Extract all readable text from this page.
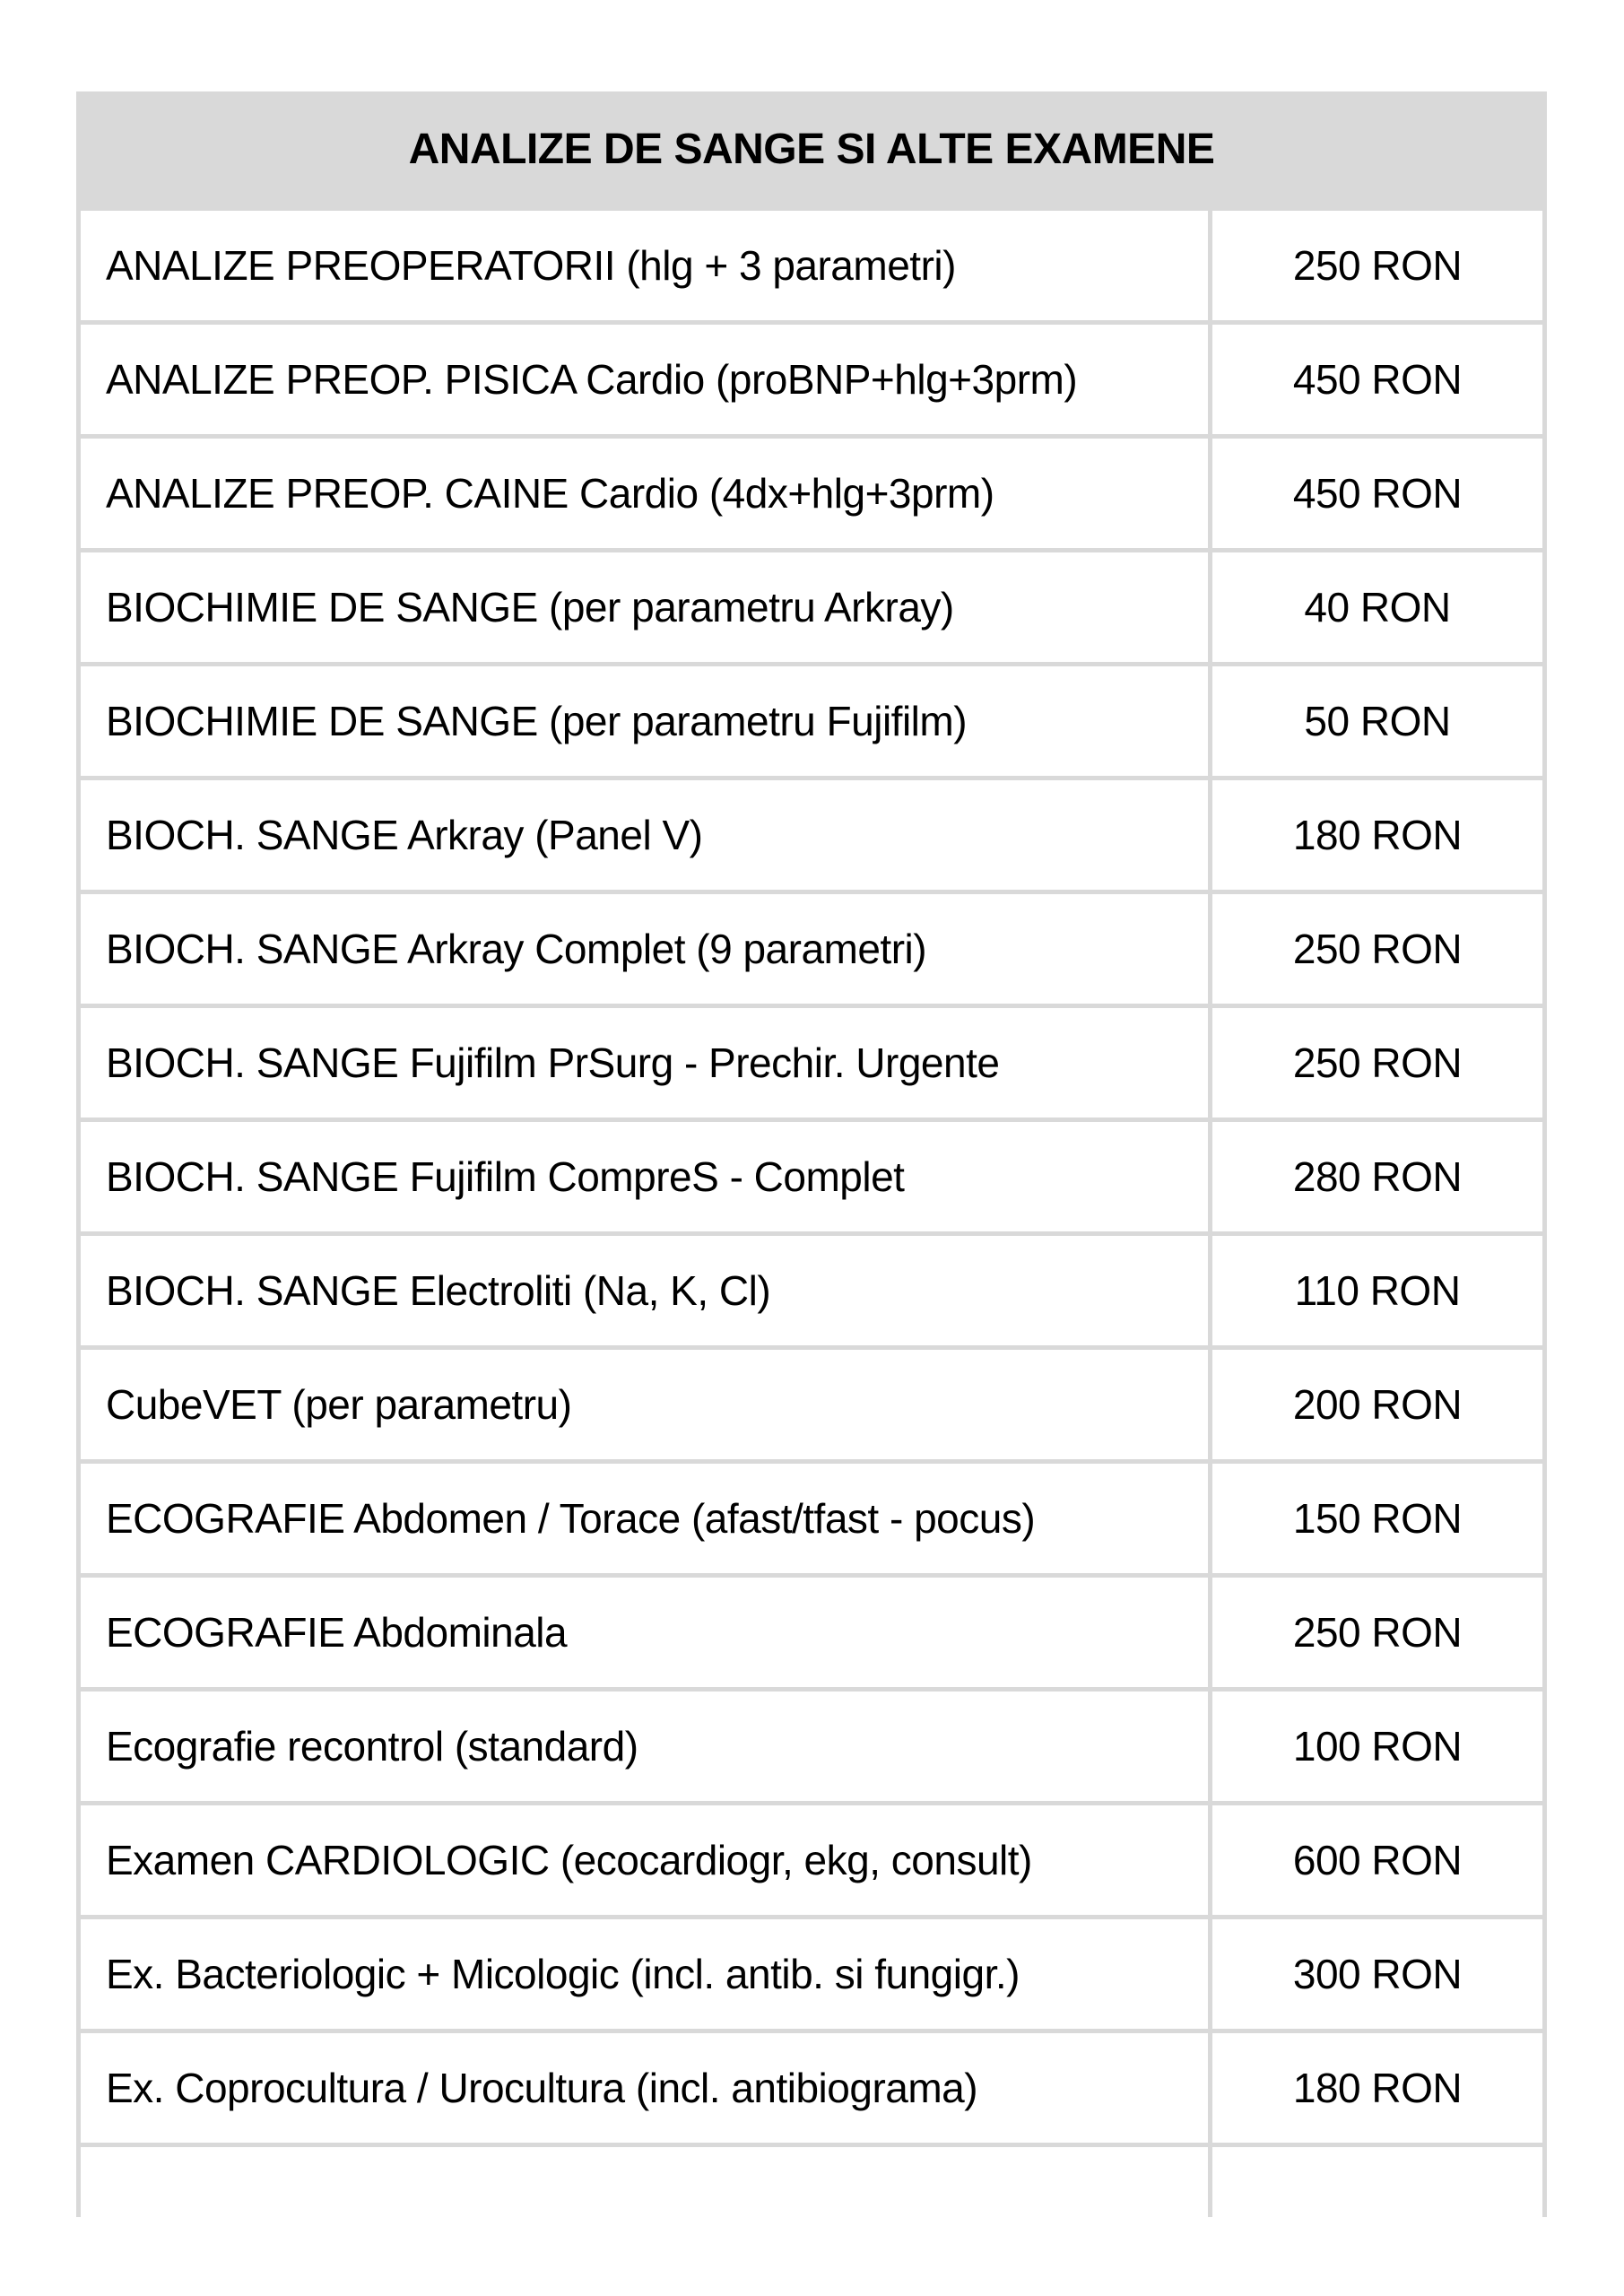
ANALIZE DE SANGE SI ALTE EXAMENE
ANALIZE PREOPERATORII (hlg + 3 parametri)	250 RON
ANALIZE PREOP. PISICA Cardio (proBNP+hlg+3prm)	450 RON
ANALIZE PREOP. CAINE Cardio (4dx+hlg+3prm)	450 RON
BIOCHIMIE DE SANGE (per parametru Arkray)	40 RON
BIOCHIMIE DE SANGE (per parametru Fujifilm)	50 RON
BIOCH. SANGE Arkray (Panel V)	180 RON
BIOCH. SANGE Arkray Complet (9 parametri)	250 RON
BIOCH. SANGE Fujifilm PrSurg - Prechir. Urgente	250 RON
BIOCH. SANGE Fujifilm CompreS - Complet	280 RON
BIOCH. SANGE Electroliti (Na, K, Cl)	110 RON
CubeVET (per parametru)	200 RON
ECOGRAFIE Abdomen / Torace (afast/tfast - pocus)	150 RON
ECOGRAFIE Abdominala	250 RON
Ecografie recontrol (standard)	100 RON
Examen CARDIOLOGIC (ecocardiogr, ekg, consult)	600 RON
Ex. Bacteriologic + Micologic (incl. antib. si fungigr.)	300 RON
Ex. Coprocultura / Urocultura (incl. antibiograma)	180 RON
